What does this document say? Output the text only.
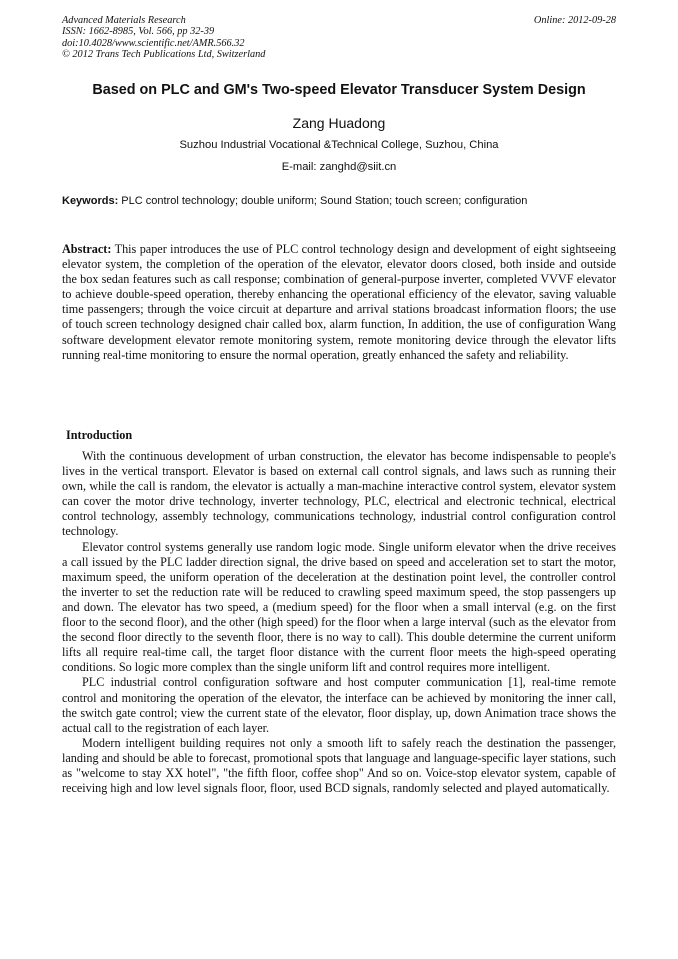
Advanced Materials Research
ISSN: 1662-8985, Vol. 566, pp 32-39
doi:10.4028/www.scientific.net/AMR.566.32
© 2012 Trans Tech Publications Ltd, Switzerland
Online: 2012-09-28
Based on PLC and GM's Two-speed Elevator Transducer System Design
Zang Huadong
Suzhou Industrial Vocational &Technical College, Suzhou, China
E-mail: zanghd@siit.cn
Keywords: PLC control technology; double uniform; Sound Station; touch screen; configuration

Abstract: This paper introduces the use of PLC control technology design and development of eight sightseeing elevator system, the completion of the operation of the elevator, elevator doors closed, both inside and outside the box sedan features such as call response; combination of general-purpose inverter, completed VVVF elevator to achieve double-speed operation, thereby enhancing the operational efficiency of the elevator, saving valuable time passengers; through the voice circuit at departure and arrival stations broadcast information floors; the use of touch screen technology designed chair called box, alarm function, In addition, the use of configuration Wang software development elevator remote monitoring system, remote monitoring device through the elevator lifts running real-time monitoring to ensure the normal operation, greatly enhanced the safety and reliability.

Introduction

With the continuous development of urban construction, the elevator has become indispensable to people's lives in the vertical transport. Elevator is based on external call control signals, and laws such as running their own, while the call is random, the elevator is actually a man-machine interactive control system, elevator system can cover the motor drive technology, inverter technology, PLC, electrical and electronic technical, electrical control technology, assembly technology, communications technology, industrial control configuration control technology.

Elevator control systems generally use random logic mode. Single uniform elevator when the drive receives a call issued by the PLC ladder direction signal, the drive based on speed and acceleration set to start the motor, maximum speed, the uniform operation of the deceleration at the destination point level, the controller control the inverter to set the reduction rate will be reduced to crawling speed maximum speed, the stop passengers up and down. The elevator has two speed, a (medium speed) for the floor when a small interval (e.g. on the first floor to the second floor), and the other (high speed) for the floor when a large interval (such as the elevator from the second floor directly to the seventh floor, there is no way to call). This double determine the current uniform lifts all require real-time call, the target floor distance with the current floor meets the high-speed operating conditions. So logic more complex than the single uniform lift and control requires more intelligent.

PLC industrial control configuration software and host computer communication [1], real-time remote control and monitoring the operation of the elevator, the interface can be achieved by monitoring the inner call, the switch gate control; view the current state of the elevator, floor display, up, down Animation trace shows the actual call to the registration of each layer.

Modern intelligent building requires not only a smooth lift to safely reach the destination the passenger, landing and should be able to forecast, promotional spots that language and language-specific layer stations, such as "welcome to stay XX hotel", "the fifth floor, coffee shop" And so on. Voice-stop elevator system, capable of receiving high and low level signals floor, floor, used BCD signals, randomly selected and played automatically.
